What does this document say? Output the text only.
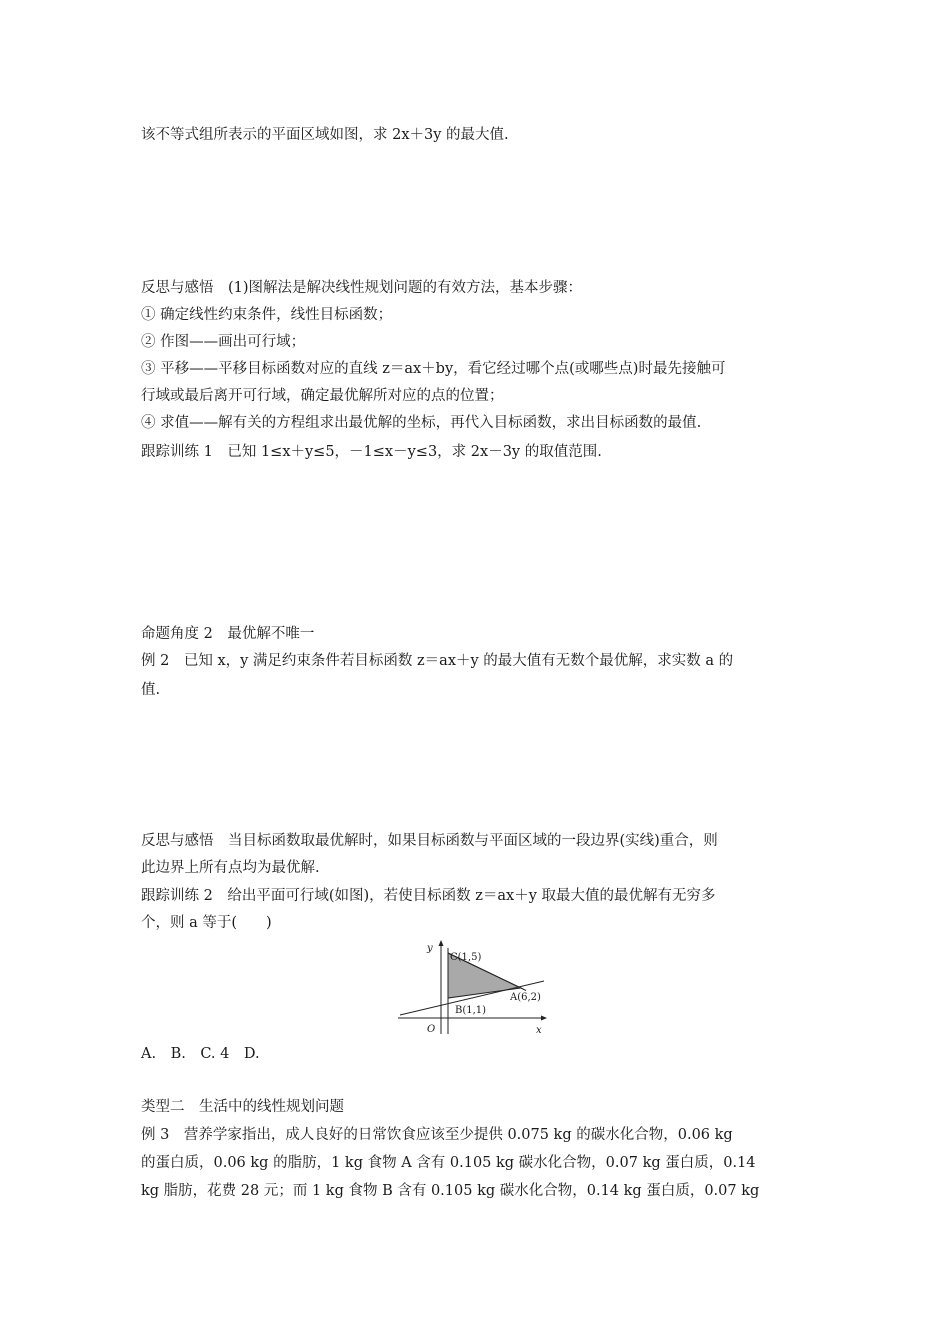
该不等式组所表示的平面区域如图，求 2x＋3y 的最大值.
反思与感悟　(1)图解法是解决线性规划问题的有效方法，基本步骤：
① 确定线性约束条件，线性目标函数；
② 作图——画出可行域；
③ 平移——平移目标函数对应的直线 z＝ax＋by，看它经过哪个点(或哪些点)时最先接触可
行域或最后离开可行域，确定最优解所对应的点的位置；
④ 求值——解有关的方程组求出最优解的坐标，再代入目标函数，求出目标函数的最值.
跟踪训练 1　已知 1≤x＋y≤5，－1≤x－y≤3，求 2x－3y 的取值范围.
命题角度 2　最优解不唯一
例 2　已知 x，y 满足约束条件若目标函数 z＝ax＋y 的最大值有无数个最优解，求实数 a 的
值.
反思与感悟　当目标函数取最优解时，如果目标函数与平面区域的一段边界(实线)重合，则
此边界上所有点均为最优解.
跟踪训练 2　给出平面可行域(如图)，若使目标函数 z＝ax＋y 取最大值的最优解有无穷多
个，则 a 等于(　　)
y
x
O
C(1,5)
A(6,2)
B(1,1)
A.　B.　C. 4　D.
类型二　生活中的线性规划问题
例 3　营养学家指出，成人良好的日常饮食应该至少提供 0.075 kg 的碳水化合物，0.06 kg
的蛋白质，0.06 kg 的脂肪，1 kg 食物 A 含有 0.105 kg 碳水化合物，0.07 kg 蛋白质，0.14
kg 脂肪，花费 28 元；而 1 kg 食物 B 含有 0.105 kg 碳水化合物，0.14 kg 蛋白质，0.07 kg
